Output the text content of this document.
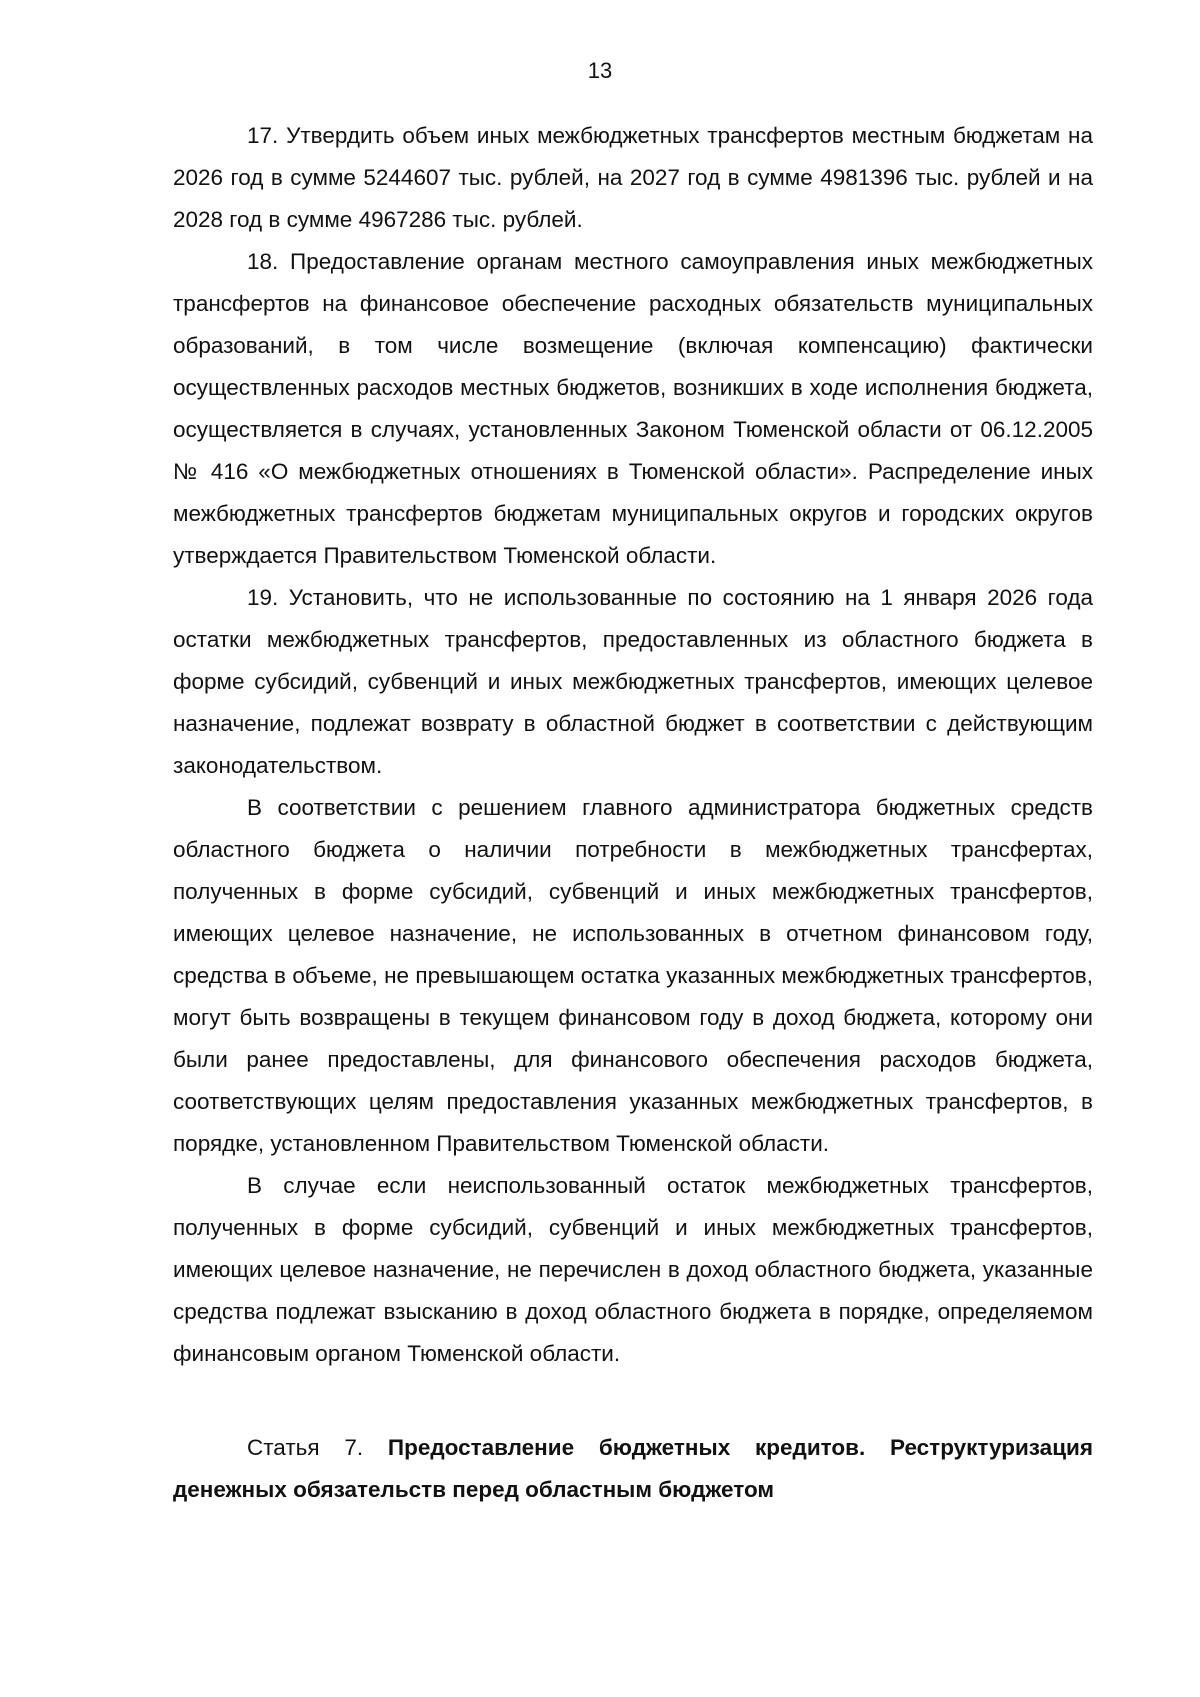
13

17. Утвердить объем иных межбюджетных трансфертов местным бюджетам на 2026 год в сумме 5244607 тыс. рублей, на 2027 год в сумме 4981396 тыс. рублей и на 2028 год в сумме 4967286 тыс. рублей.

18. Предоставление органам местного самоуправления иных межбюджетных трансфертов на финансовое обеспечение расходных обязательств муниципальных образований, в том числе возмещение (включая компенсацию) фактически осуществленных расходов местных бюджетов, возникших в ходе исполнения бюджета, осуществляется в случаях, установленных Законом Тюменской области от 06.12.2005 № 416 «О межбюджетных отношениях в Тюменской области». Распределение иных межбюджетных трансфертов бюджетам муниципальных округов и городских округов утверждается Правительством Тюменской области.

19. Установить, что не использованные по состоянию на 1 января 2026 года остатки межбюджетных трансфертов, предоставленных из областного бюджета в форме субсидий, субвенций и иных межбюджетных трансфертов, имеющих целевое назначение, подлежат возврату в областной бюджет в соответствии с действующим законодательством.

В соответствии с решением главного администратора бюджетных средств областного бюджета о наличии потребности в межбюджетных трансфертах, полученных в форме субсидий, субвенций и иных межбюджетных трансфертов, имеющих целевое назначение, не использованных в отчетном финансовом году, средства в объеме, не превышающем остатка указанных межбюджетных трансфертов, могут быть возвращены в текущем финансовом году в доход бюджета, которому они были ранее предоставлены, для финансового обеспечения расходов бюджета, соответствующих целям предоставления указанных межбюджетных трансфертов, в порядке, установленном Правительством Тюменской области.

В случае если неиспользованный остаток межбюджетных трансфертов, полученных в форме субсидий, субвенций и иных межбюджетных трансфертов, имеющих целевое назначение, не перечислен в доход областного бюджета, указанные средства подлежат взысканию в доход областного бюджета в порядке, определяемом финансовым органом Тюменской области.

Статья 7. Предоставление бюджетных кредитов. Реструктуризация денежных обязательств перед областным бюджетом
